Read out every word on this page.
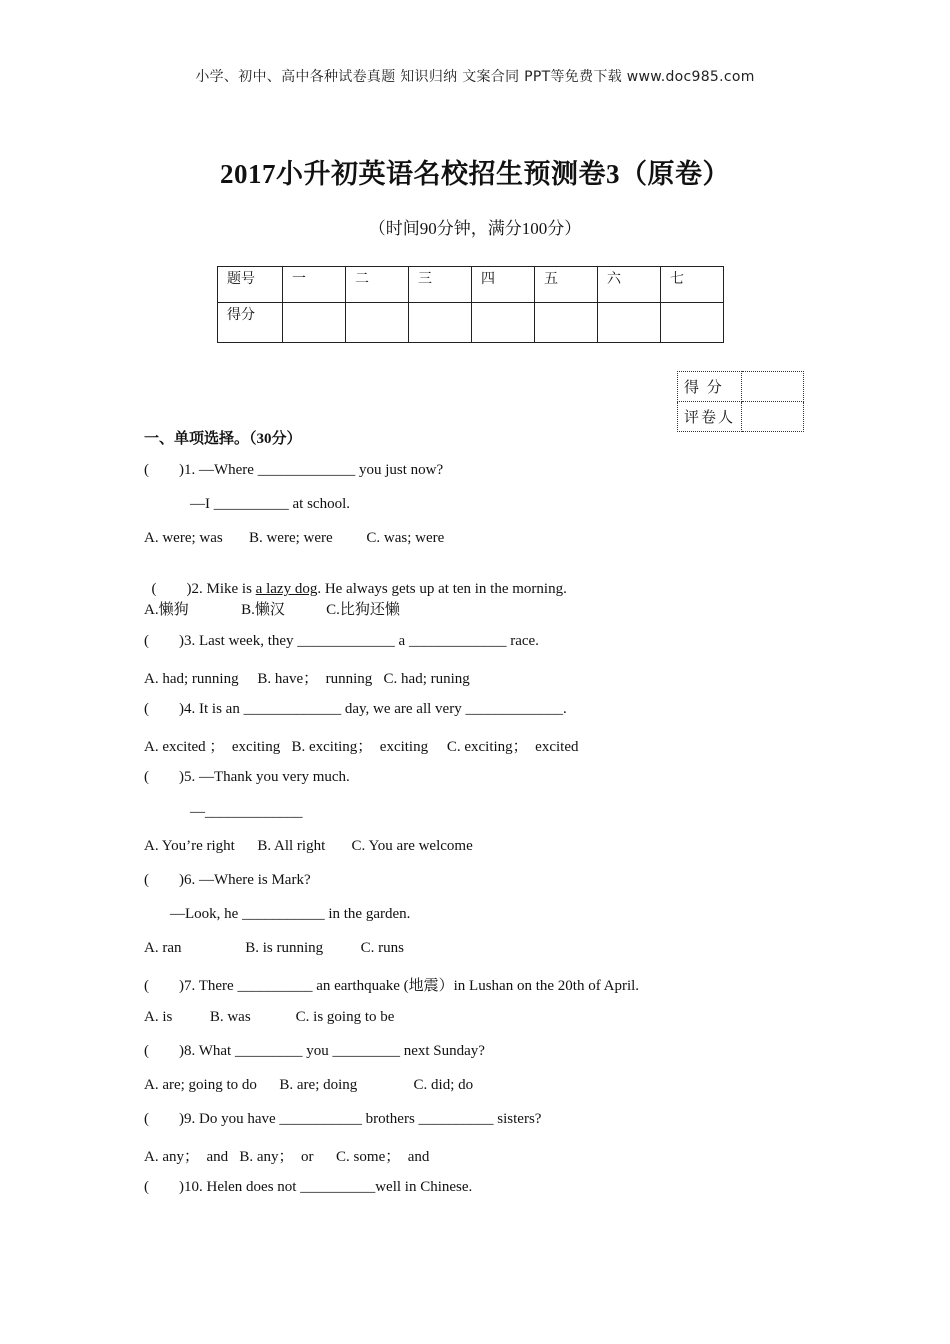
小学、初中、高中各种试卷真题 知识归纳 文案合同 PPT等免费下载 www.doc985.com
2017小升初英语名校招生预测卷3（原卷）
（时间90分钟，满分100分）
题号	一	二	三	四	五	六	七
得分							
得 分	
评卷人	
一、单项选择。（30分）
(        )1. —Where _____________ you just now?
—I __________ at school.
A. were; was       B. were; were         C. was; were

(        )2. Mike is a lazy dog. He always gets up at ten in the morning.

A.懒狗              B.懒汉           C.比狗还懒
(        )3. Last week, they _____________ a _____________ race.
A. had; running     B. have；  running   C. had; runing
(        )4. It is an _____________ day, we are all very _____________.
A. excited ；  exciting   B. exciting；  exciting     C. exciting；  excited
(        )5. —Thank you very much.
—_____________
A. You’re right      B. All right       C. You are welcome
(        )6. —Where is Mark?
—Look, he ___________ in the garden.
A. ran                 B. is running          C. runs
(        )7. There __________ an earthquake (地震）in Lushan on the 20th of April.
A. is          B. was            C. is going to be
(        )8. What _________ you _________ next Sunday?
A. are; going to do      B. are; doing               C. did; do
(        )9. Do you have ___________ brothers __________ sisters?
A. any；  and   B. any；  or      C. some；  and
(        )10. Helen does not __________well in Chinese.
